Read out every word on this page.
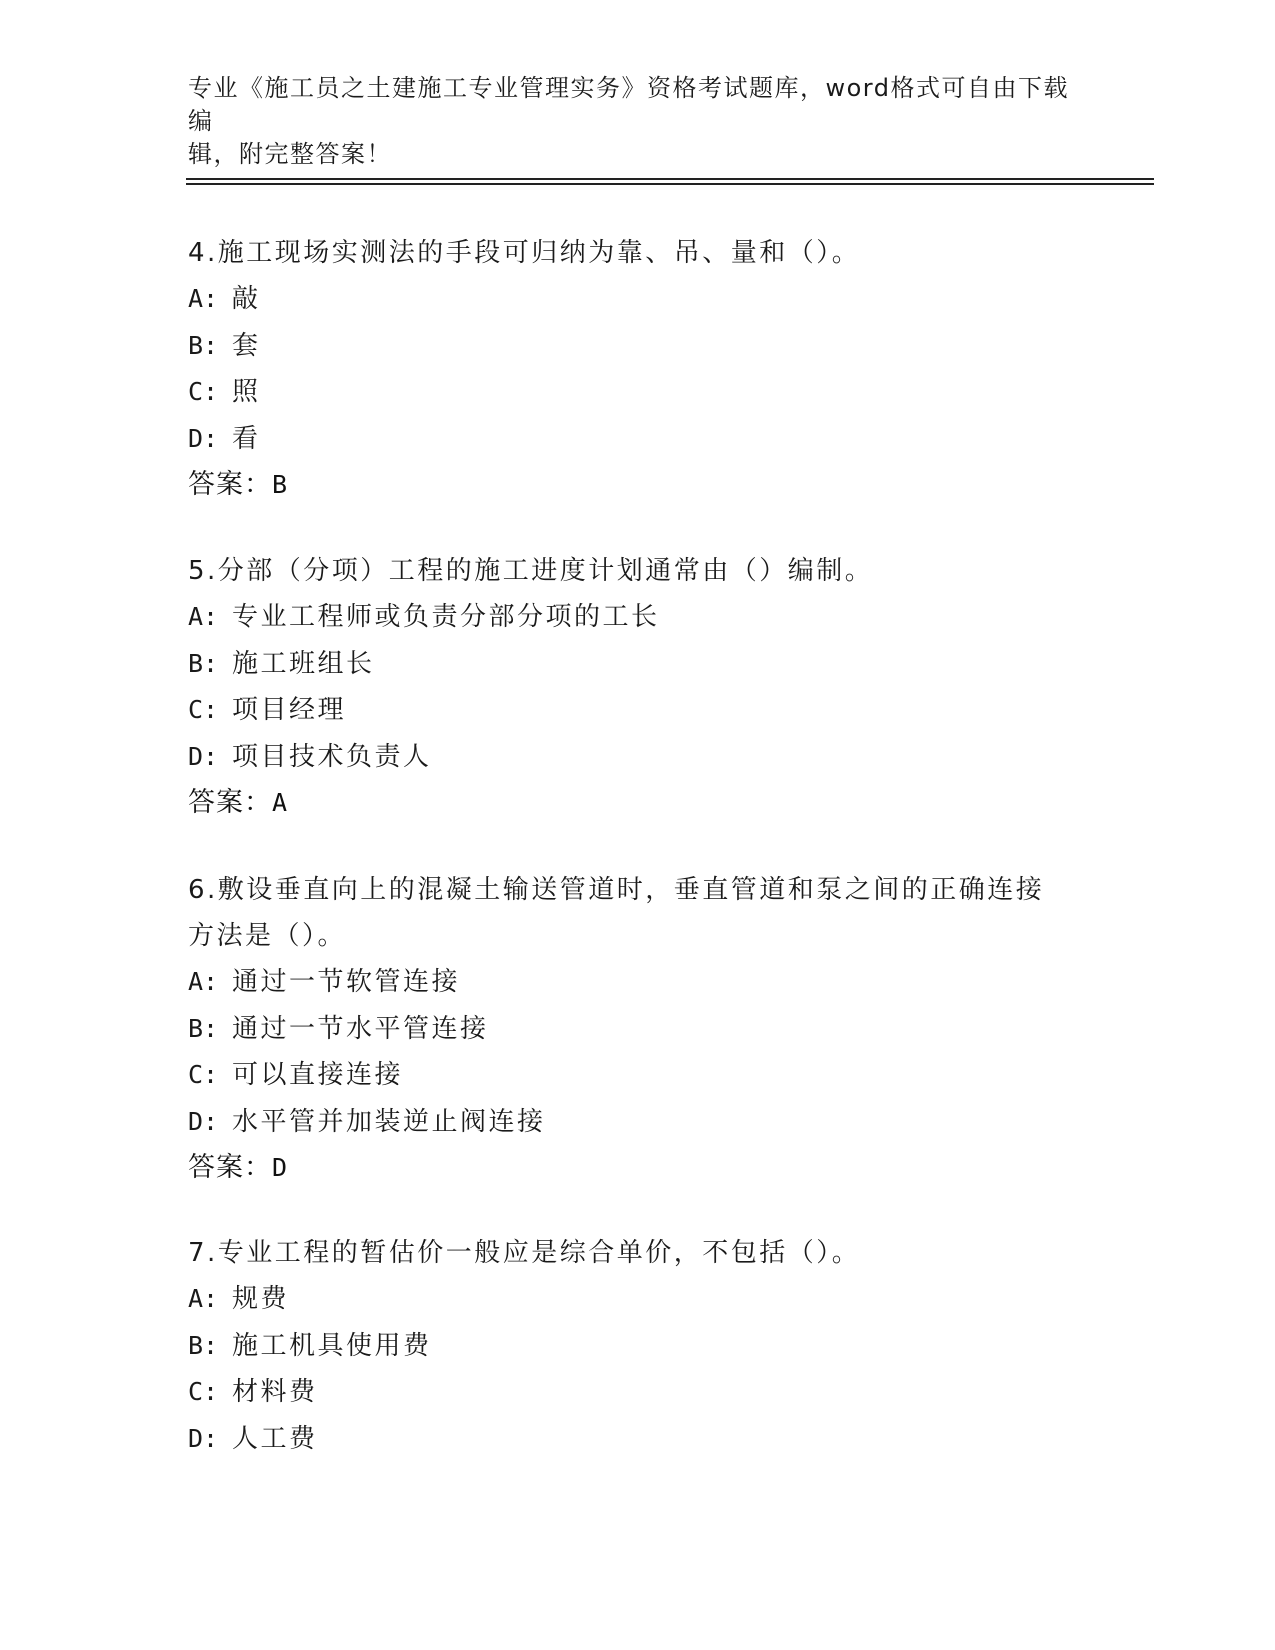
专业《施工员之土建施工专业管理实务》资格考试题库，word格式可自由下载编
辑，附完整答案！

4.施工现场实测法的手段可归纳为靠、吊、量和（）。

A: 敲

B: 套

C: 照

D: 看

答案：B

5.分部（分项）工程的施工进度计划通常由（）编制。

A: 专业工程师或负责分部分项的工长

B: 施工班组长

C: 项目经理

D: 项目技术负责人

答案：A

6.敷设垂直向上的混凝土输送管道时，垂直管道和泵之间的正确连接

方法是（）。

A: 通过一节软管连接

B: 通过一节水平管连接

C: 可以直接连接

D: 水平管并加装逆止阀连接

答案：D

7.专业工程的暂估价一般应是综合单价，不包括（）。

A: 规费

B: 施工机具使用费

C: 材料费

D: 人工费
